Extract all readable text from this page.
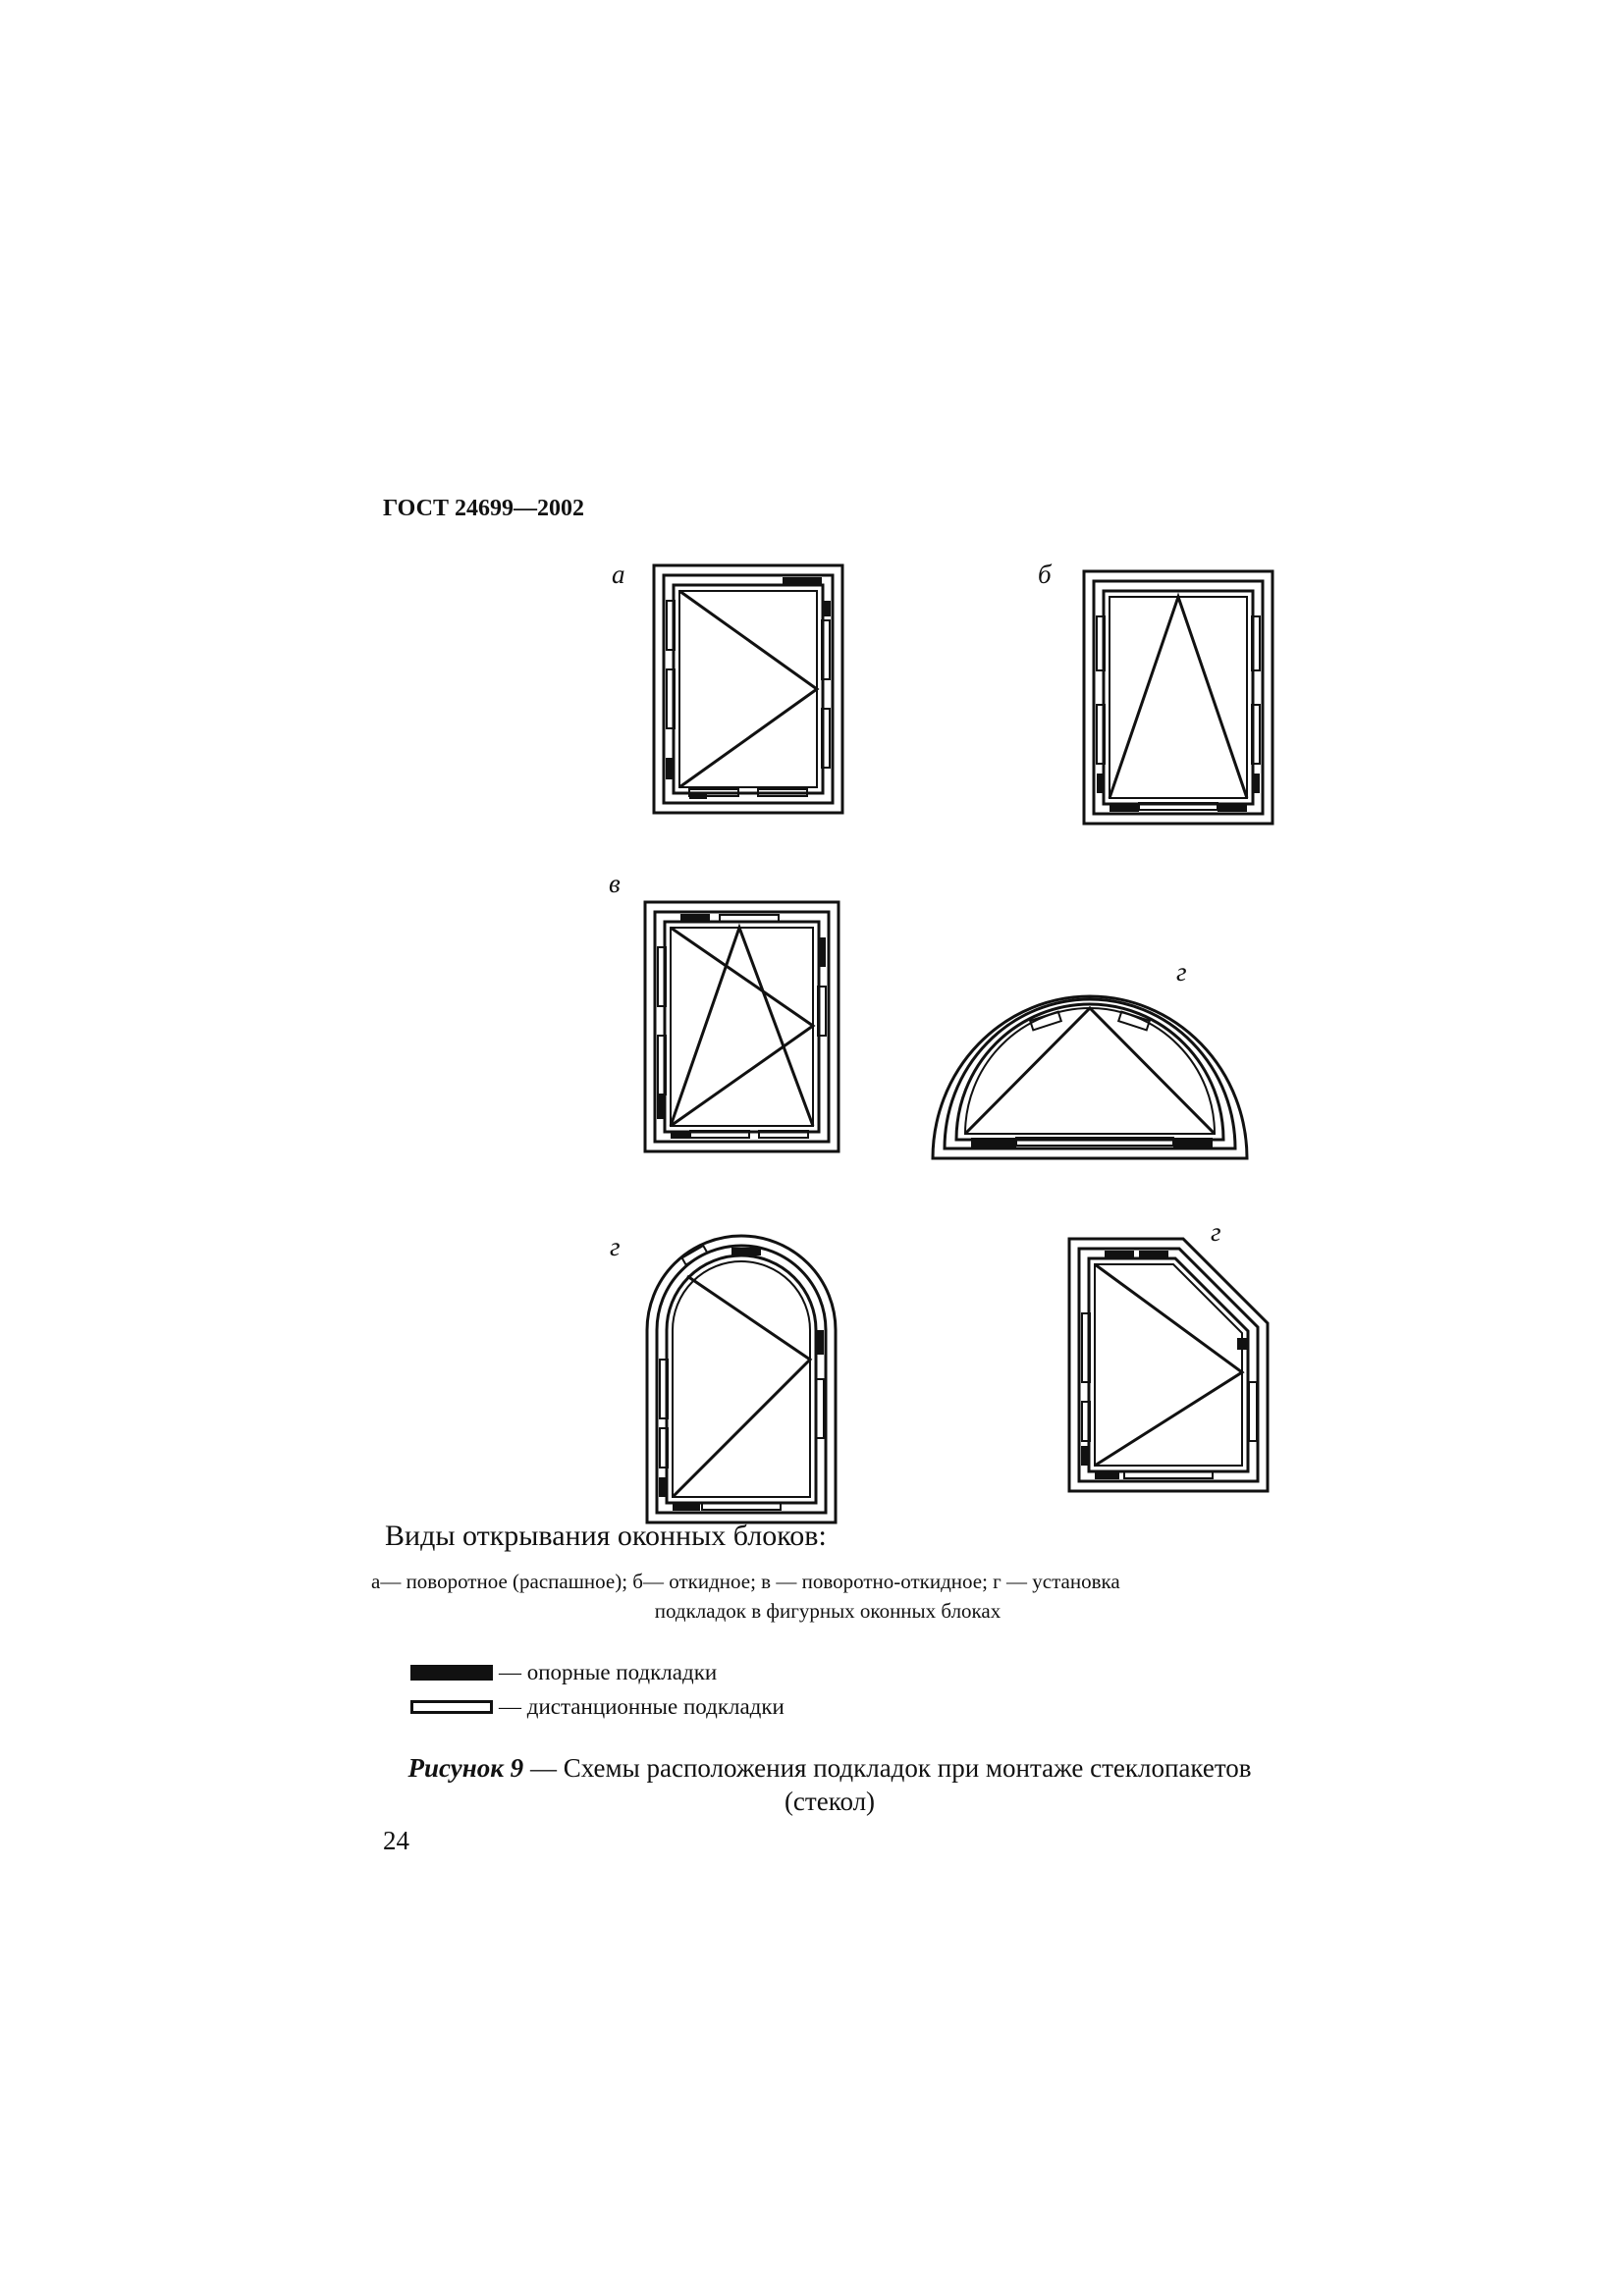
ГОСТ 24699—2002
а	б
в
г
г	г
Виды открывания оконных блоков:
а— поворотное (распашное); б— откидное; в — поворотно-откидное; г — установка
подкладок в фигурных оконных блоках
— опорные подкладки
— дистанционные подкладки
Рисунок 9 — Схемы расположения подкладок при монтаже стеклопакетов
(стекол)
24
